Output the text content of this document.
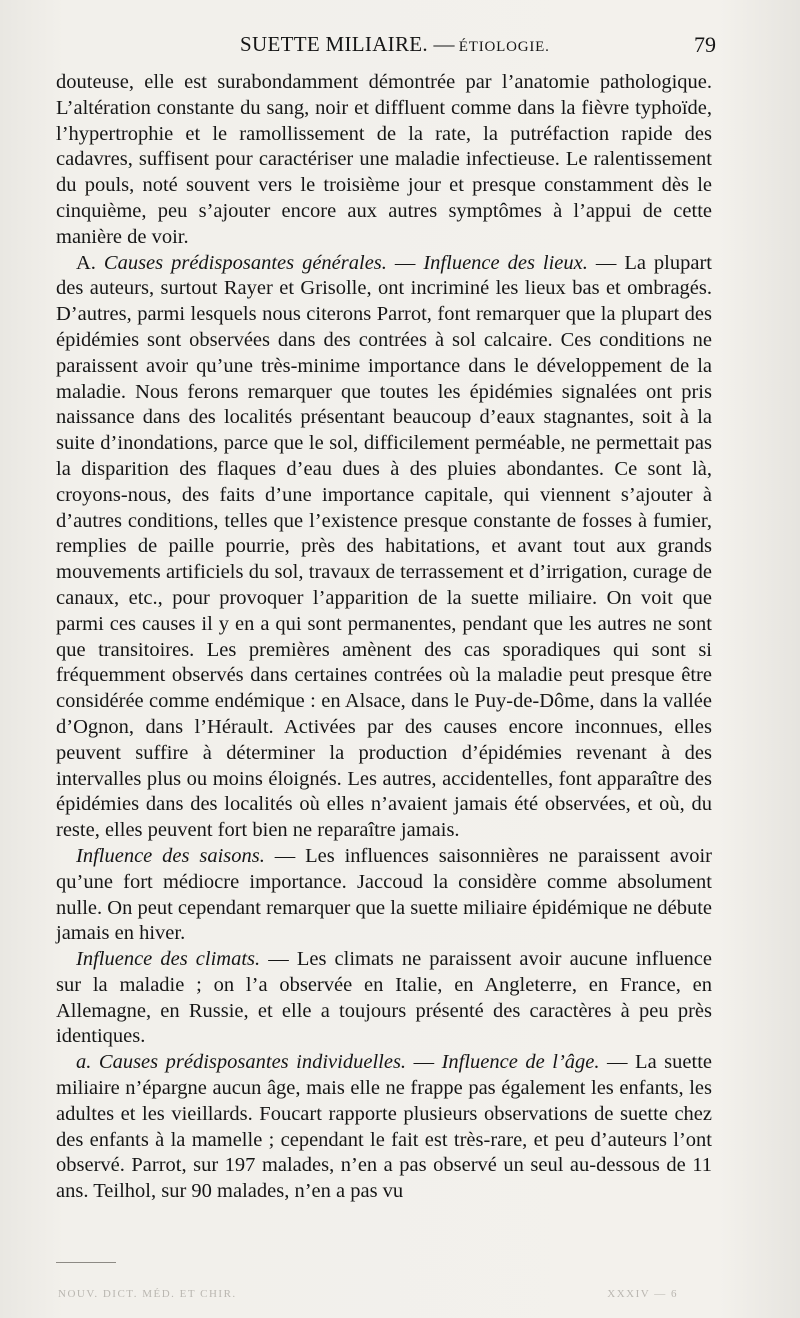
SUETTE MILIAIRE. — ÉTIOLOGIE.	79

douteuse, elle est surabondamment démontrée par l’anatomie pathologique. L’altération constante du sang, noir et diffluent comme dans la fièvre typhoïde, l’hypertrophie et le ramollissement de la rate, la putréfaction rapide des cadavres, suffisent pour caractériser une maladie infectieuse. Le ralentissement du pouls, noté souvent vers le troisième jour et presque constamment dès le cinquième, peu s’ajouter encore aux autres symptômes à l’appui de cette manière de voir.

A. Causes prédisposantes générales. — Influence des lieux. — La plupart des auteurs, surtout Rayer et Grisolle, ont incriminé les lieux bas et ombragés. D’autres, parmi lesquels nous citerons Parrot, font remarquer que la plupart des épidémies sont observées dans des contrées à sol calcaire. Ces conditions ne paraissent avoir qu’une très-minime importance dans le développement de la maladie. Nous ferons remarquer que toutes les épidémies signalées ont pris naissance dans des localités présentant beaucoup d’eaux stagnantes, soit à la suite d’inondations, parce que le sol, difficilement perméable, ne permettait pas la disparition des flaques d’eau dues à des pluies abondantes. Ce sont là, croyons-nous, des faits d’une importance capitale, qui viennent s’ajouter à d’autres conditions, telles que l’existence presque constante de fosses à fumier, remplies de paille pourrie, près des habitations, et avant tout aux grands mouvements artificiels du sol, travaux de terrassement et d’irrigation, curage de canaux, etc., pour provoquer l’apparition de la suette miliaire. On voit que parmi ces causes il y en a qui sont permanentes, pendant que les autres ne sont que transitoires. Les premières amènent des cas sporadiques qui sont si fréquemment observés dans certaines contrées où la maladie peut presque être considérée comme endémique : en Alsace, dans le Puy-de-Dôme, dans la vallée d’Ognon, dans l’Hérault. Activées par des causes encore inconnues, elles peuvent suffire à déterminer la production d’épidémies revenant à des intervalles plus ou moins éloignés. Les autres, accidentelles, font apparaître des épidémies dans des localités où elles n’avaient jamais été observées, et où, du reste, elles peuvent fort bien ne reparaître jamais.

Influence des saisons. — Les influences saisonnières ne paraissent avoir qu’une fort médiocre importance. Jaccoud la considère comme absolument nulle. On peut cependant remarquer que la suette miliaire épidémique ne débute jamais en hiver.

Influence des climats. — Les climats ne paraissent avoir aucune influence sur la maladie ; on l’a observée en Italie, en Angleterre, en France, en Allemagne, en Russie, et elle a toujours présenté des caractères à peu près identiques.

a. Causes prédisposantes individuelles. — Influence de l’âge. — La suette miliaire n’épargne aucun âge, mais elle ne frappe pas également les enfants, les adultes et les vieillards. Foucart rapporte plusieurs observations de suette chez des enfants à la mamelle ; cependant le fait est très-rare, et peu d’auteurs l’ont observé. Parrot, sur 197 malades, n’en a pas observé un seul au-dessous de 11 ans. Teilhol, sur 90 malades, n’en a pas vu

NOUV. DICT. MÉD. ET CHIR.	XXXIV — 6
